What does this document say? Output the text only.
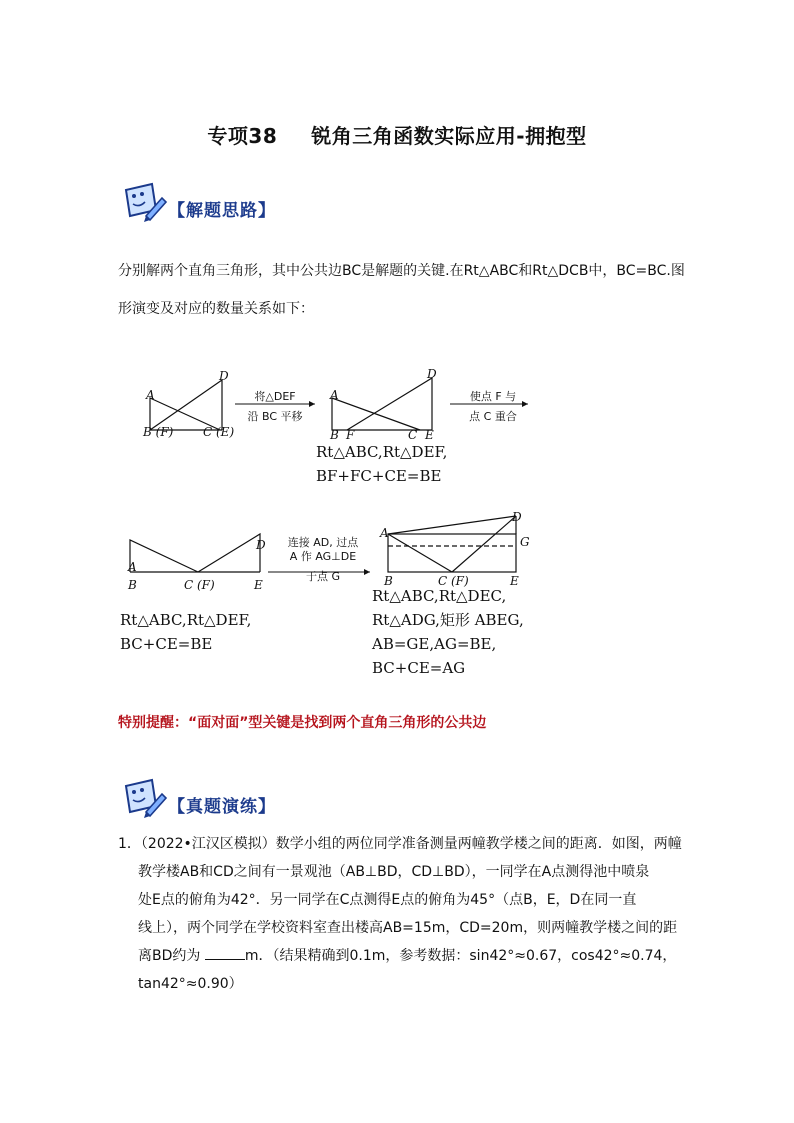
专项38 锐角三角函数实际应用-拥抱型
【解题思路】
分别解两个直角三角形，其中公共边BC是解题的关键.在Rt△ABC和Rt△DCB中，BC=BC.图
形演变及对应的数量关系如下：
A
B (F) C (E)
D
将△DEF
沿 BC 平移
A
D
B F	C E
使点 F 与
点 C 重合
Rt△ABC,Rt△DEF,
BF+FC+CE=BE
A
B	C (F)	E
D	连接 AD, 过点
A 作 AG⊥DE
于点 G
A
D
G
B	C (F)	E
Rt△ABC,Rt△DEF,
BC+CE=BE
Rt△ABC,Rt△DEC,
Rt△ADG,矩形 ABEG,
AB=GE,AG=BE,
BC+CE=AG
特别提醒：“面对面”型关键是找到两个直角三角形的公共边
【真题演练】
1．（2022•江汉区模拟）数学小组的两位同学准备测量两幢教学楼之间的距离．如图，两幢
教学楼AB和CD之间有一景观池（AB⊥BD，CD⊥BD），一同学在A点测得池中喷泉
处E点的俯角为42°．另一同学在C点测得E点的俯角为45°（点B，E，D在同一直
线上），两个同学在学校资料室查出楼高AB=15m，CD=20m，则两幢教学楼之间的距
离BD约为	m．（结果精确到0.1m，参考数据：sin42°≈0.67，cos42°≈0.74，
tan42°≈0.90）
